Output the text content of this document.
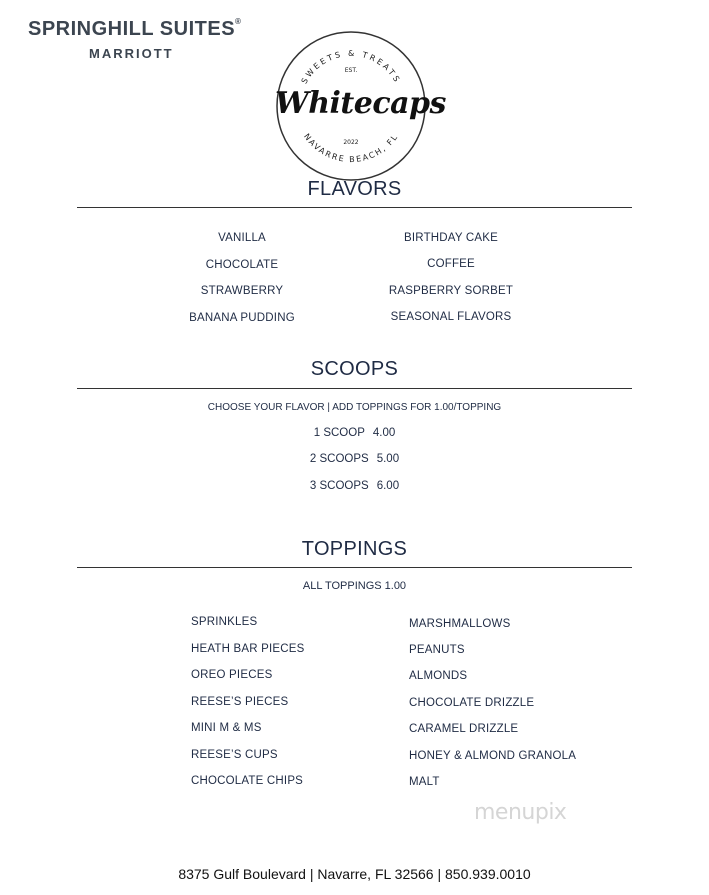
SPRINGHILL SUITES®
MARRIOTT
SWEETS & TREATS
EST.
2022
NAVARRE BEACH, FL
Whitecaps
FLAVORS
VANILLA
CHOCOLATE
STRAWBERRY
BANANA PUDDING
BIRTHDAY CAKE
COFFEE
RASPBERRY SORBET
SEASONAL FLAVORS
SCOOPS
CHOOSE YOUR FLAVOR | ADD TOPPINGS FOR 1.00/TOPPING
1 SCOOP 4.00
2 SCOOPS 5.00
3 SCOOPS 6.00
TOPPINGS
ALL TOPPINGS 1.00
SPRINKLES
HEATH BAR PIECES
OREO PIECES
REESE’S PIECES
MINI M & MS
REESE’S CUPS
CHOCOLATE CHIPS
MARSHMALLOWS
PEANUTS
ALMONDS
CHOCOLATE DRIZZLE
CARAMEL DRIZZLE
HONEY & ALMOND GRANOLA
MALT
menupix
8375 Gulf Boulevard | Navarre, FL 32566 | 850.939.0010
